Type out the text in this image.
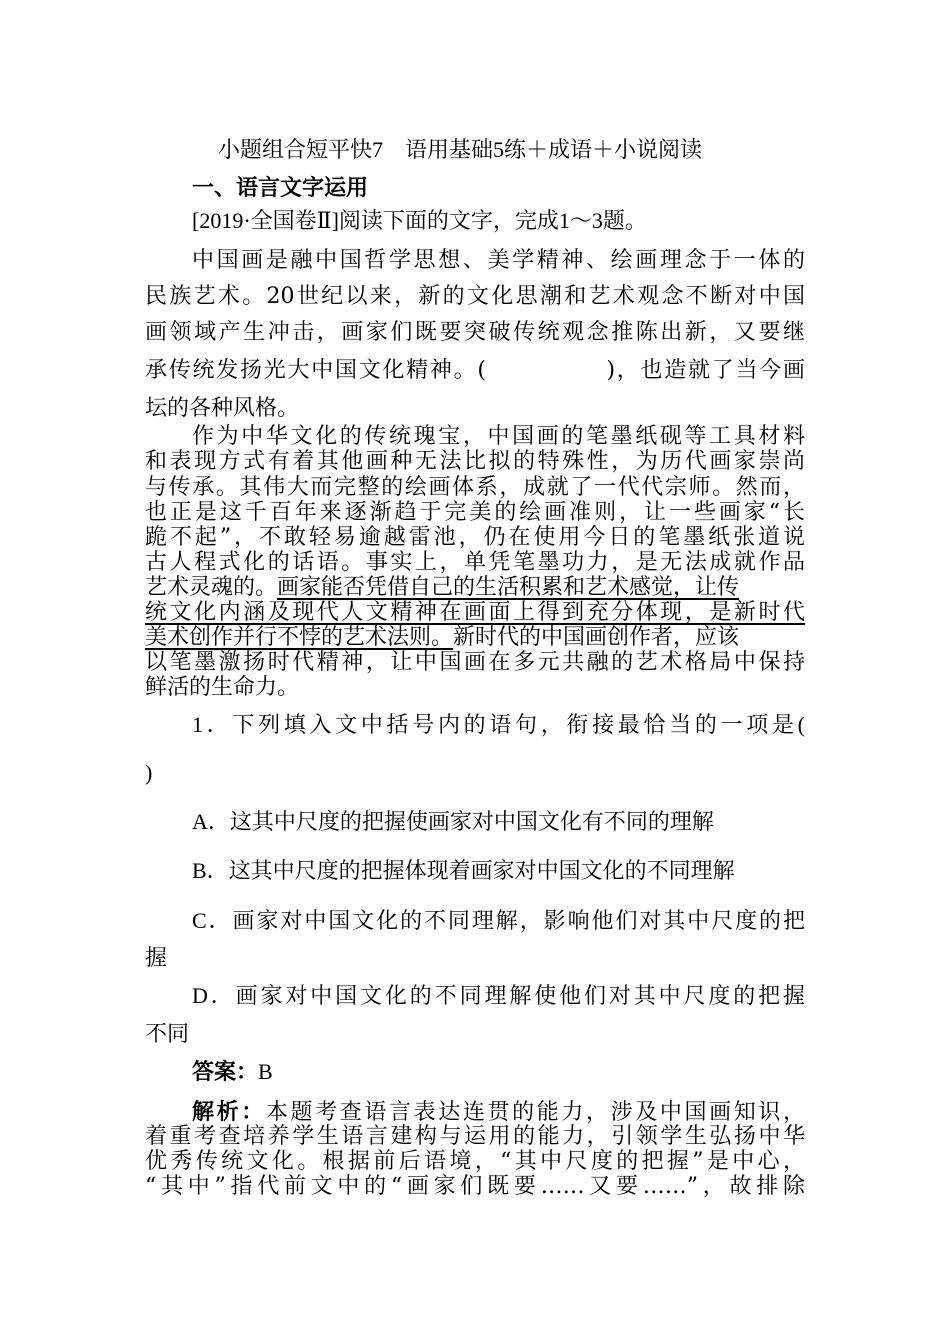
小题组合短平快7　语用基础5练＋成语＋小说阅读
一、语言文字运用
[2019·全国卷Ⅱ]阅读下面的文字，完成1～3题。
中国画是融中国哲学思想、美学精神、绘画理念于一体的
民族艺术。20世纪以来，新的文化思潮和艺术观念不断对中国
画领域产生冲击，画家们既要突破传统观念推陈出新，又要继
承传统发扬光大中国文化精神。(　　　　　)，也造就了当今画
坛的各种风格。
作为中华文化的传统瑰宝，中国画的笔墨纸砚等工具材料
和表现方式有着其他画种无法比拟的特殊性，为历代画家崇尚
与传承。其伟大而完整的绘画体系，成就了一代代宗师。然而，
也正是这千百年来逐渐趋于完美的绘画准则，让一些画家“长
跪不起”，不敢轻易逾越雷池，仍在使用今日的笔墨纸张道说
古人程式化的话语。事实上，单凭笔墨功力，是无法成就作品
艺术灵魂的。画家能否凭借自己的生活积累和艺术感觉，让传
统文化内涵及现代人文精神在画面上得到充分体现，是新时代
美术创作并行不悖的艺术法则。新时代的中国画创作者，应该
以笔墨激扬时代精神，让中国画在多元共融的艺术格局中保持
鲜活的生命力。
1．下列填入文中括号内的语句，衔接最恰当的一项是(
)
A．这其中尺度的把握使画家对中国文化有不同的理解
B．这其中尺度的把握体现着画家对中国文化的不同理解
C．画家对中国文化的不同理解，影响他们对其中尺度的把
握
D．画家对中国文化的不同理解使他们对其中尺度的把握
不同
答案：B
解析：本题考查语言表达连贯的能力，涉及中国画知识，
着重考查培养学生语言建构与运用的能力，引领学生弘扬中华
优秀传统文化。根据前后语境，“其中尺度的把握”是中心，
“其中”指代前文中的“画家们既要……又要……”，故排除
